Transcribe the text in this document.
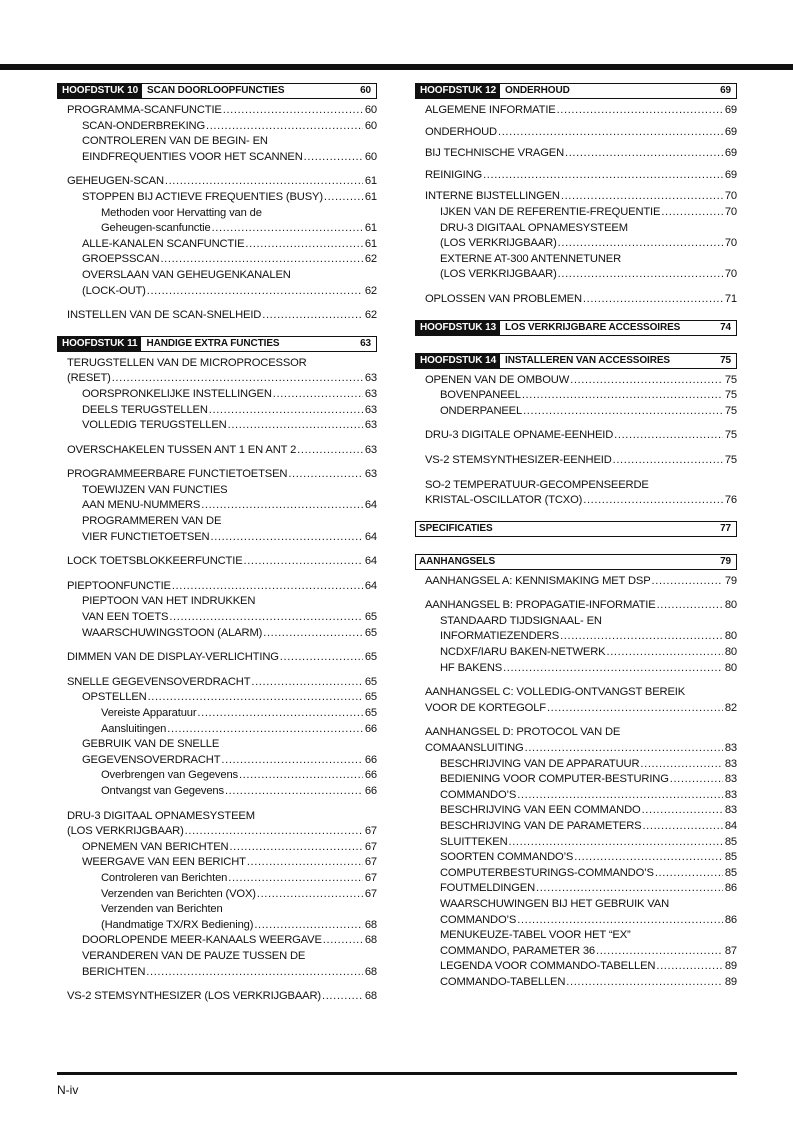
HOOFDSTUK 10 SCAN DOORLOOPFUNCTIES	60
PROGRAMMA-SCANFUNCTIE .....	60
SCAN-ONDERBREKING .....	60
CONTROLEREN VAN DE BEGIN- EN
EINDFREQUENTIES VOOR HET SCANNEN .....	60
GEHEUGEN-SCAN .....	61
STOPPEN BIJ ACTIEVE FREQUENTIES (BUSY) .....	61
Methoden voor Hervatting van de
Geheugen-scanfunctie .....	61
ALLE-KANALEN SCANFUNCTIE .....	61
GROEPSSCAN .....	62
OVERSLAAN VAN GEHEUGENKANALEN
(LOCK-OUT) .....	62
INSTELLEN VAN DE SCAN-SNELHEID .....	62
HOOFDSTUK 11 HANDIGE EXTRA FUNCTIES	63
TERUGSTELLEN VAN DE MICROPROCESSOR
(RESET) .....	63
OORSPRONKELIJKE INSTELLINGEN .....	63
DEELS TERUGSTELLEN .....	63
VOLLEDIG TERUGSTELLEN .....	63
OVERSCHAKELEN TUSSEN ANT 1 EN ANT 2 .....	63
PROGRAMMEERBARE FUNCTIETOETSEN .....	63
TOEWIJZEN VAN FUNCTIES
AAN MENU-NUMMERS .....	64
PROGRAMMEREN VAN DE
VIER FUNCTIETOETSEN .....	64
LOCK TOETSBLOKKEERFUNCTIE .....	64
PIEPTOONFUNCTIE .....	64
PIEPTOON VAN HET INDRUKKEN
VAN EEN TOETS .....	65
WAARSCHUWINGSTOON (ALARM) .....	65
DIMMEN VAN DE DISPLAY-VERLICHTING .....	65
SNELLE GEGEVENSOVERDRACHT .....	65
OPSTELLEN .....	65
Vereiste Apparatuur .....	65
Aansluitingen .....	66
GEBRUIK VAN DE SNELLE
GEGEVENSOVERDRACHT .....	66
Overbrengen van Gegevens .....	66
Ontvangst van Gegevens .....	66
DRU-3 DIGITAAL OPNAMESYSTEEM
(LOS VERKRIJGBAAR) .....	67
OPNEMEN VAN BERICHTEN .....	67
WEERGAVE VAN EEN BERICHT .....	67
Controleren van Berichten .....	67
Verzenden van Berichten (VOX) .....	67
Verzenden van Berichten
(Handmatige TX/RX Bediening) .....	68
DOORLOPENDE MEER-KANAALS WEERGAVE .....	68
VERANDEREN VAN DE PAUZE TUSSEN DE
BERICHTEN .....	68
VS-2 STEMSYNTHESIZER (LOS VERKRIJGBAAR) .....	68
HOOFDSTUK 12 ONDERHOUD	69
ALGEMENE INFORMATIE .....	69
ONDERHOUD .....	69
BIJ TECHNISCHE VRAGEN .....	69
REINIGING .....	69
INTERNE BIJSTELLINGEN .....	70
IJKEN VAN DE REFERENTIE-FREQUENTIE .....	70
DRU-3 DIGITAAL OPNAMESYSTEEM
(LOS VERKRIJGBAAR) .....	70
EXTERNE AT-300 ANTENNETUNER
(LOS VERKRIJGBAAR) .....	70
OPLOSSEN VAN PROBLEMEN .....	71
HOOFDSTUK 13 LOS VERKRIJGBARE ACCESSOIRES	74
HOOFDSTUK 14 INSTALLEREN VAN ACCESSOIRES	75
OPENEN VAN DE OMBOUW .....	75
BOVENPANEEL .....	75
ONDERPANEEL .....	75
DRU-3 DIGITALE OPNAME-EENHEID .....	75
VS-2 STEMSYNTHESIZER-EENHEID .....	75
SO-2 TEMPERATUUR-GECOMPENSEERDE
KRISTAL-OSCILLATOR (TCXO) .....	76
SPECIFICATIES	77
AANHANGSELS	79
AANHANGSEL A: KENNISMAKING MET DSP .....	79
AANHANGSEL B: PROPAGATIE-INFORMATIE .....	80
STANDAARD TIJDSIGNAAL- EN
INFORMATIEZENDERS .....	80
NCDXF/IARU BAKEN-NETWERK .....	80
HF BAKENS .....	80
AANHANGSEL C: VOLLEDIG-ONTVANGST BEREIK
VOOR DE KORTEGOLF .....	82
AANHANGSEL D: PROTOCOL VAN DE
COMAANSLUITING .....	83
BESCHRIJVING VAN DE APPARATUUR .....	83
BEDIENING VOOR COMPUTER-BESTURING .....	83
COMMANDO’S .....	83
BESCHRIJVING VAN EEN COMMANDO .....	83
BESCHRIJVING VAN DE PARAMETERS .....	84
SLUITTEKEN .....	85
SOORTEN COMMANDO’S .....	85
COMPUTERBESTURINGS-COMMANDO’S .....	85
FOUTMELDINGEN .....	86
WAARSCHUWINGEN BIJ HET GEBRUIK VAN
COMMANDO’S .....	86
MENUKEUZE-TABEL VOOR HET “EX”
COMMANDO, PARAMETER 36 .....	87
LEGENDA VOOR COMMANDO-TABELLEN .....	89
COMMANDO-TABELLEN .....	89
N-iv
